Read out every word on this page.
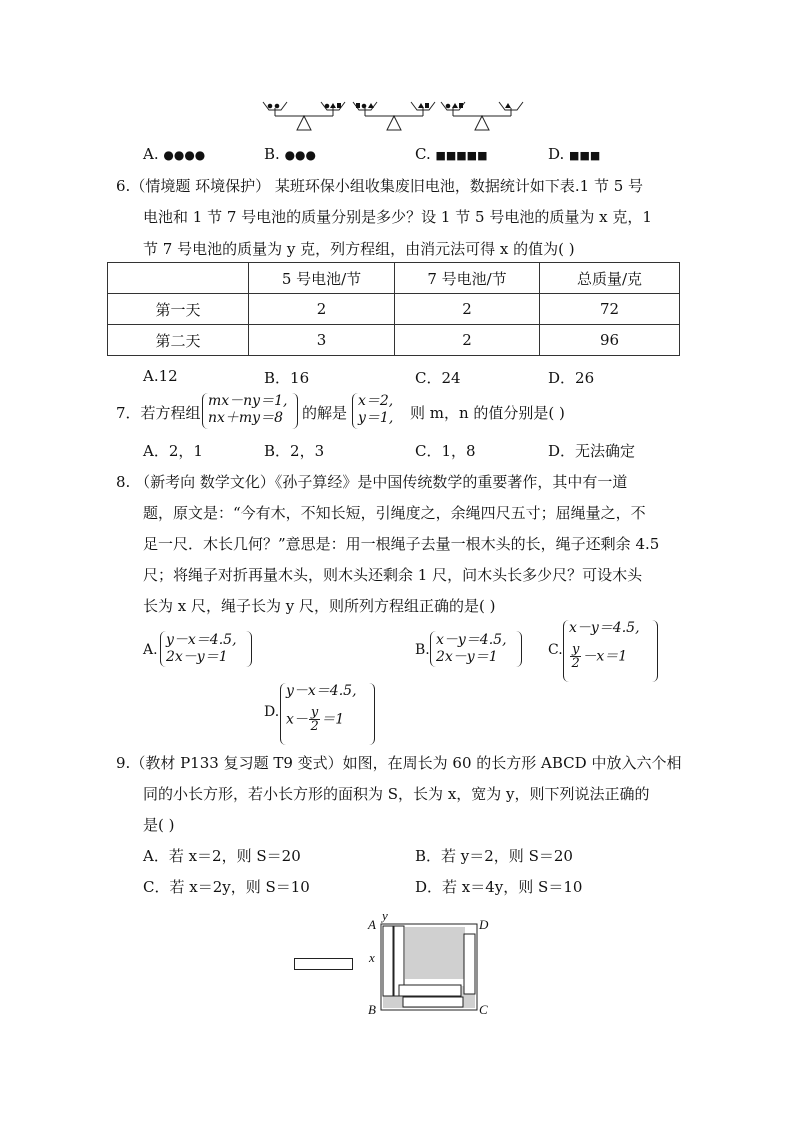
A. ●●●●	B. ●●●	C. ■■■■■	D. ■■■
6.（情境题 环境保护） 某班环保小组收集废旧电池，数据统计如下表.1 节 5 号
电池和 1 节 7 号电池的质量分别是多少？设 1 节 5 号电池的质量为 x 克，1
节 7 号电池的质量为 y 克，列方程组，由消元法可得 x 的值为( )
	5 号电池/节	7 号电池/节	总质量/克
第一天	2	2	72
第二天	3	2	96
A.12	B．16	C．24	D．26
7．若方程组
mx－ny＝1,
nx＋my＝8 的解是
x＝2,
y＝1, 则 m，n 的值分别是( )
A．2，1	B．2，3	C．1，8	D．无法确定
8. （新考向 数学文化）《孙子算经》是中国传统数学的重要著作，其中有一道
题，原文是：“今有木，不知长短，引绳度之，余绳四尺五寸；屈绳量之，不
足一尺．木长几何？”意思是：用一根绳子去量一根木头的长，绳子还剩余 4.5
尺；将绳子对折再量木头，则木头还剩余 1 尺，问木头长多少尺？可设木头
长为 x 尺，绳子长为 y 尺，则所列方程组正确的是( )
A.
y－x＝4.5,
2x－y＝1	B.
x－y＝4.5,
2x－y＝1	C.
x－y＝4.5,
$\frac{y}{2} -x=1$
D.
y－x＝4.5,
$x- \frac{y}{2} =1$
9.（教材 P133 复习题 T9 变式）如图，在周长为 60 的长方形 ABCD 中放入六个相
同的小长方形，若小长方形的面积为 S，长为 x，宽为 y，则下列说法正确的
是( )
A．若 x＝2，则 S＝20	B．若 y＝2，则 S＝20
C．若 x＝2y，则 S＝10	D．若 x＝4y，则 S＝10
A
y
D
x
B	C
